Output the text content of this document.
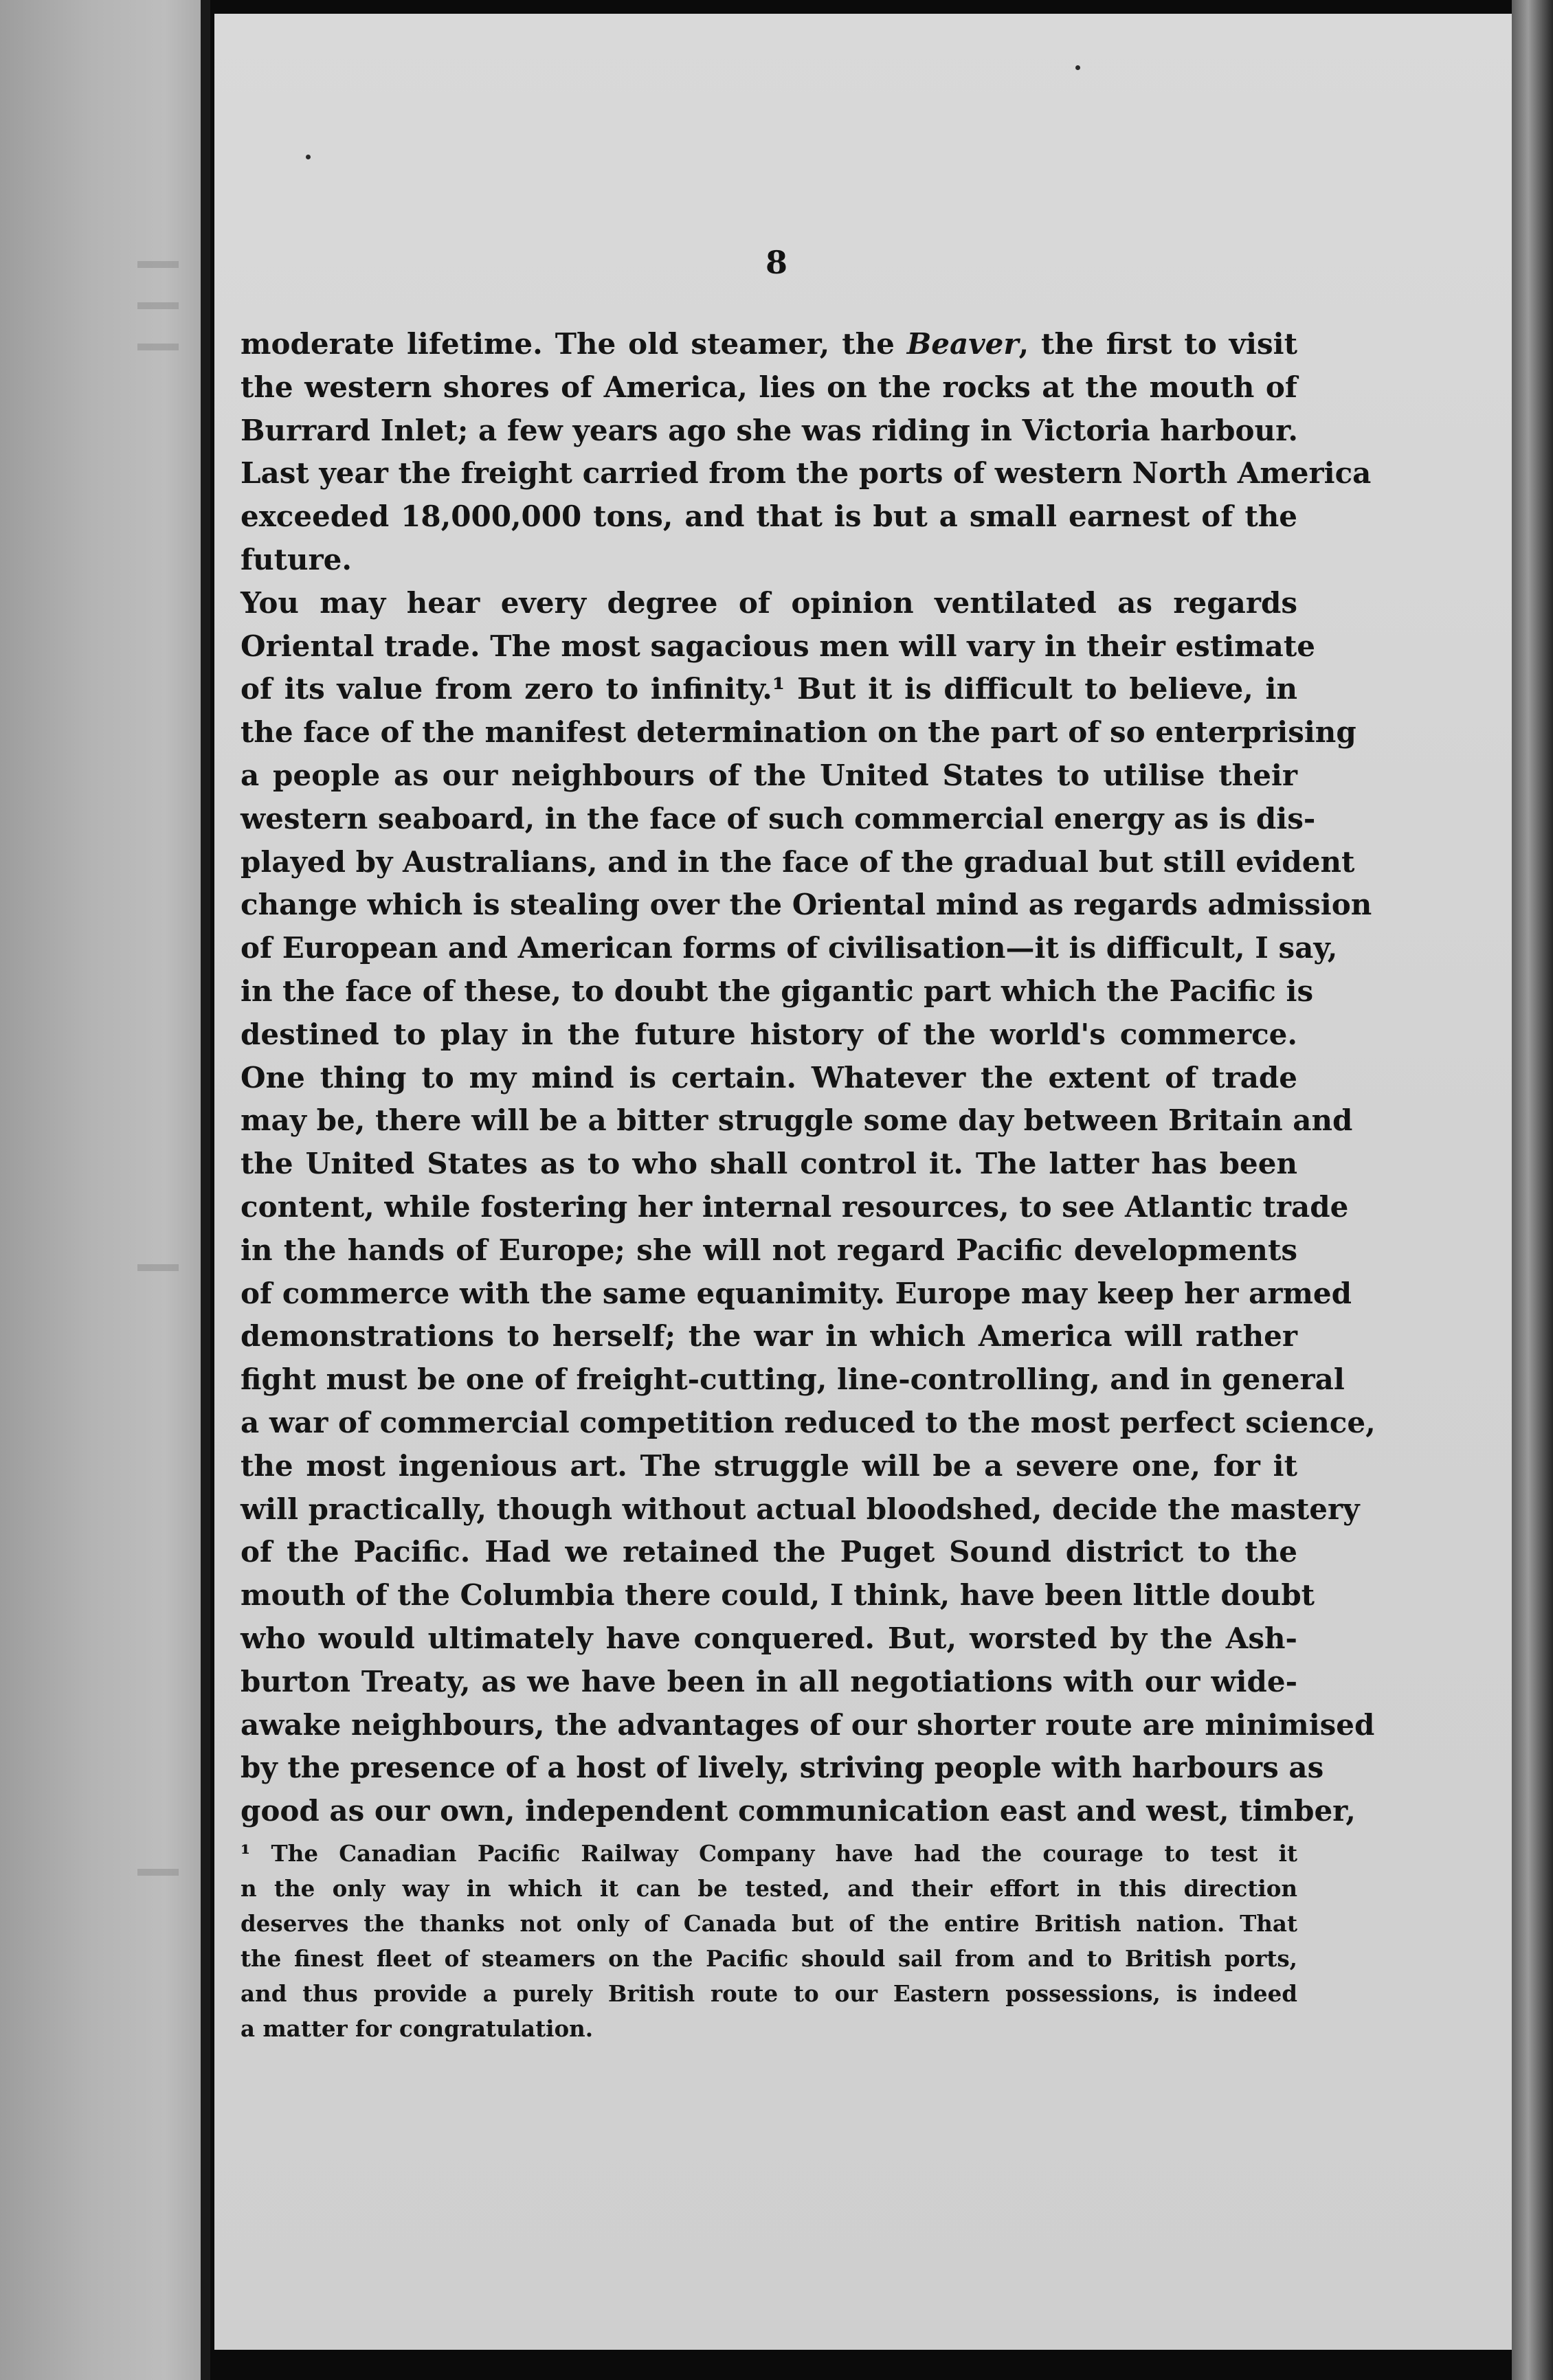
8
moderate lifetime. The old steamer, the Beaver, the first to visit
the western shores of America, lies on the rocks at the mouth of
Burrard Inlet; a few years ago she was riding in Victoria harbour.
Last year the freight carried from the ports of western North America
exceeded 18,000,000 tons, and that is but a small earnest of the
future.
You may hear every degree of opinion ventilated as regards
Oriental trade. The most sagacious men will vary in their estimate
of its value from zero to infinity.¹ But it is difficult to believe, in
the face of the manifest determination on the part of so enterprising
a people as our neighbours of the United States to utilise their
western seaboard, in the face of such commercial energy as is dis-
played by Australians, and in the face of the gradual but still evident
change which is stealing over the Oriental mind as regards admission
of European and American forms of civilisation—it is difficult, I say,
in the face of these, to doubt the gigantic part which the Pacific is
destined to play in the future history of the world's commerce.
One thing to my mind is certain. Whatever the extent of trade
may be, there will be a bitter struggle some day between Britain and
the United States as to who shall control it. The latter has been
content, while fostering her internal resources, to see Atlantic trade
in the hands of Europe; she will not regard Pacific developments
of commerce with the same equanimity. Europe may keep her armed
demonstrations to herself; the war in which America will rather
fight must be one of freight-cutting, line-controlling, and in general
a war of commercial competition reduced to the most perfect science,
the most ingenious art. The struggle will be a severe one, for it
will practically, though without actual bloodshed, decide the mastery
of the Pacific. Had we retained the Puget Sound district to the
mouth of the Columbia there could, I think, have been little doubt
who would ultimately have conquered. But, worsted by the Ash-
burton Treaty, as we have been in all negotiations with our wide-
awake neighbours, the advantages of our shorter route are minimised
by the presence of a host of lively, striving people with harbours as
good as our own, independent communication east and west, timber,
¹ The Canadian Pacific Railway Company have had the courage to test it
n the only way in which it can be tested, and their effort in this direction
deserves the thanks not only of Canada but of the entire British nation. That
the finest fleet of steamers on the Pacific should sail from and to British ports,
and thus provide a purely British route to our Eastern possessions, is indeed
a matter for congratulation.
